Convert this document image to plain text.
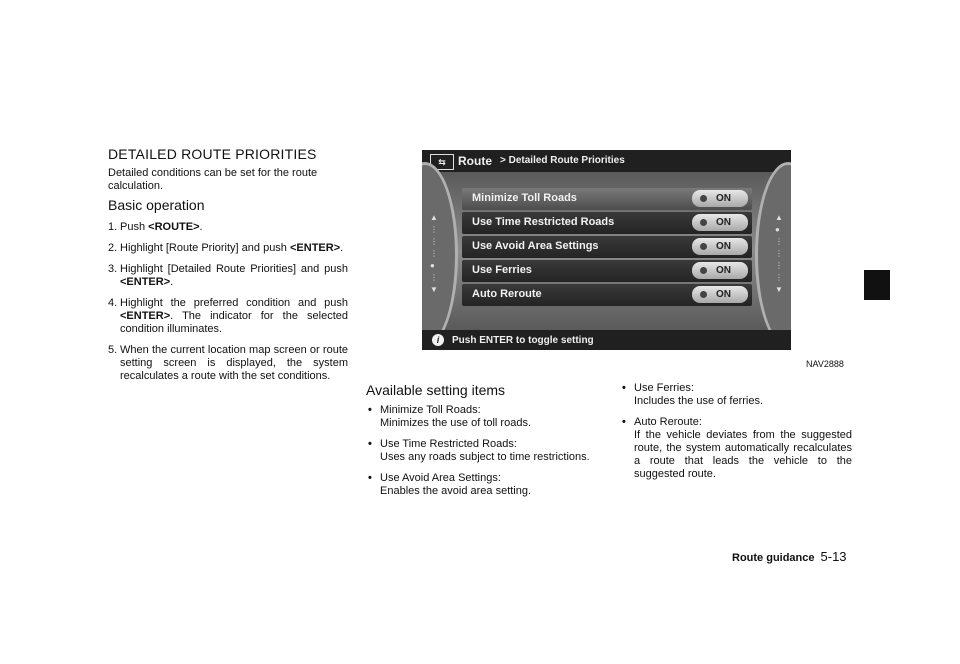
DETAILED ROUTE PRIORITIES
Detailed conditions can be set for the route calculation.
Basic operation
1. Push <ROUTE>.
2. Highlight [Route Priority] and push <ENTER>.
3. Highlight [Detailed Route Priorities] and push <ENTER>.
4. Highlight the preferred condition and push <ENTER>. The indicator for the selected condition illuminates.
5. When the current location map screen or route setting screen is displayed, the system recalculates a route with the set conditions.
⇆	Route > Detailed Route Priorities
▲
⋮
⋮
⋮
●
⋮
▼
▲
●
⋮
⋮
⋮
⋮
▼
Minimize Toll Roads	ON
Use Time Restricted Roads	ON
Use Avoid Area Settings	ON
Use Ferries	ON
Auto Reroute	ON
i	Push ENTER to toggle setting
NAV2888
Available setting items
• Minimize Toll Roads:
Minimizes the use of toll roads.
• Use Time Restricted Roads:
Uses any roads subject to time restrictions.
• Use Avoid Area Settings:
Enables the avoid area setting.
• Use Ferries:
Includes the use of ferries.
• Auto Reroute:
If the vehicle deviates from the suggested route, the system automatically recalculates a route that leads the vehicle to the suggested route.
Route guidance 5-13
